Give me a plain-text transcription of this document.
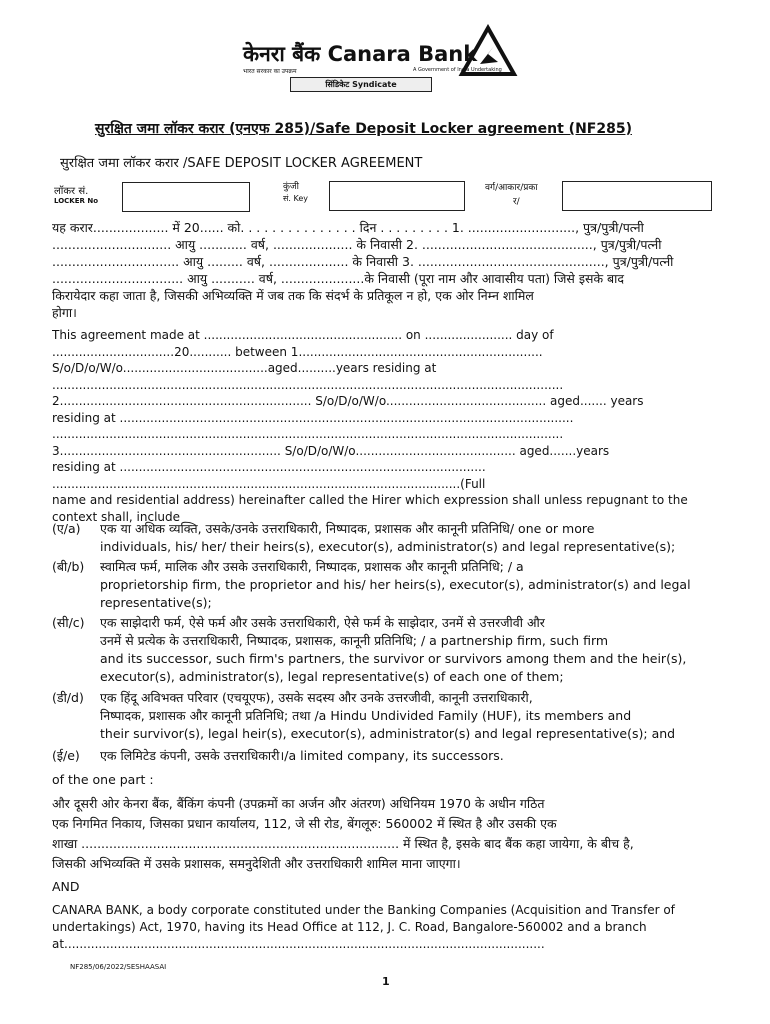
केनरा बैंक Canara Bank
भारत सरकार का उपक्रम	A Government of India Undertaking
सिंडिकेट Syndicate
सुरक्षित जमा लॉकर करार (एनएफ 285)/Safe Deposit Locker agreement (NF285)
सुरक्षित जमा लॉकर करार /SAFE DEPOSIT LOCKER AGREEMENT
लॉकर सं.
LOCKER No
कुंजी
सं. Key
वर्ग/आकार/प्रका
र/
यह करार................... में 20...... को. . . . . . . . . . . . . . . दिन . . . . . . . . . 1. ..........................., पुत्र/पुत्री/पत्नी
.............................. आयु ............ वर्ष, .................... के निवासी 2. ..........................................., पुत्र/पुत्री/पत्नी
................................ आयु ......... वर्ष, .................... के निवासी 3. ..............................................., पुत्र/पुत्री/पत्नी
................................. आयु ........... वर्ष, .....................के निवासी (पूरा नाम और आवासीय पता) जिसे इसके बाद
किरायेदार कहा जाता है, जिसकी अभिव्यक्ति में जब तक कि संदर्भ के प्रतिकूल न हो, एक ओर निम्न शामिल
होगा।
This agreement made at .................................................... on ....................... day of
................................20........... between 1................................................................
S/o/D/o/W/o......................................aged..........years residing at
......................................................................................................................................
2.................................................................. S/o/D/o/W/o.......................................... aged....... years
residing at .......................................................................................................................
......................................................................................................................................
3.......................................................... S/o/D/o/W/o.......................................... aged.......years
residing at ................................................................................................
...........................................................................................................(Full
name and residential address) hereinafter called the Hirer which expression shall unless repugnant to the
context shall, include
(ए/a) एक या अधिक व्यक्ति, उसके/उनके उत्तराधिकारी, निष्पादक, प्रशासक और कानूनी प्रतिनिधि/ one or more
individuals, his/ her/ their heirs(s), executor(s), administrator(s) and legal representative(s);
(बी/b) स्वामित्व फर्म, मालिक और उसके उत्तराधिकारी, निष्पादक, प्रशासक और कानूनी प्रतिनिधि; / a
proprietorship firm, the proprietor and his/ her heirs(s), executor(s), administrator(s) and legal
representative(s);
(सी/c) एक साझेदारी फर्म, ऐसे फर्म और उसके उत्तराधिकारी, ऐसे फर्म के साझेदार, उनमें से उत्तरजीवी और
उनमें से प्रत्येक के उत्तराधिकारी, निष्पादक, प्रशासक, कानूनी प्रतिनिधि; / a partnership firm, such firm
and its successor, such firm's partners, the survivor or survivors among them and the heir(s),
executor(s), administrator(s), legal representative(s) of each one of them;
(डी/d) एक हिंदू अविभक्त परिवार (एचयूएफ), उसके सदस्य और उनके उत्तरजीवी, कानूनी उत्तराधिकारी,
निष्पादक, प्रशासक और कानूनी प्रतिनिधि; तथा /a Hindu Undivided Family (HUF), its members and
their survivor(s), legal heir(s), executor(s), administrator(s) and legal representative(s); and
(ई/e) एक लिमिटेड कंपनी, उसके उत्तराधिकारी।/a limited company, its successors.
of the one part :
और दूसरी ओर केनरा बैंक, बैंकिंग कंपनी (उपक्रमों का अर्जन और अंतरण) अधिनियम 1970 के अधीन गठित
एक निगमित निकाय, जिसका प्रधान कार्यालय, 112, जे सी रोड, बेंगलूरु: 560002 में स्थित है और उसकी एक
शाखा ................................................................................ में स्थित है, इसके बाद बैंक कहा जायेगा, के बीच है,
जिसकी अभिव्यक्ति में उसके प्रशासक, समनुदेशिती और उत्तराधिकारी शामिल माना जाएगा।
AND
CANARA BANK, a body corporate constituted under the Banking Companies (Acquisition and Transfer of
undertakings) Act, 1970, having its Head Office at 112, J. C. Road, Bangalore-560002 and a branch
at..............................................................................................................................
NF285/06/2022/SESHAASAI
1
